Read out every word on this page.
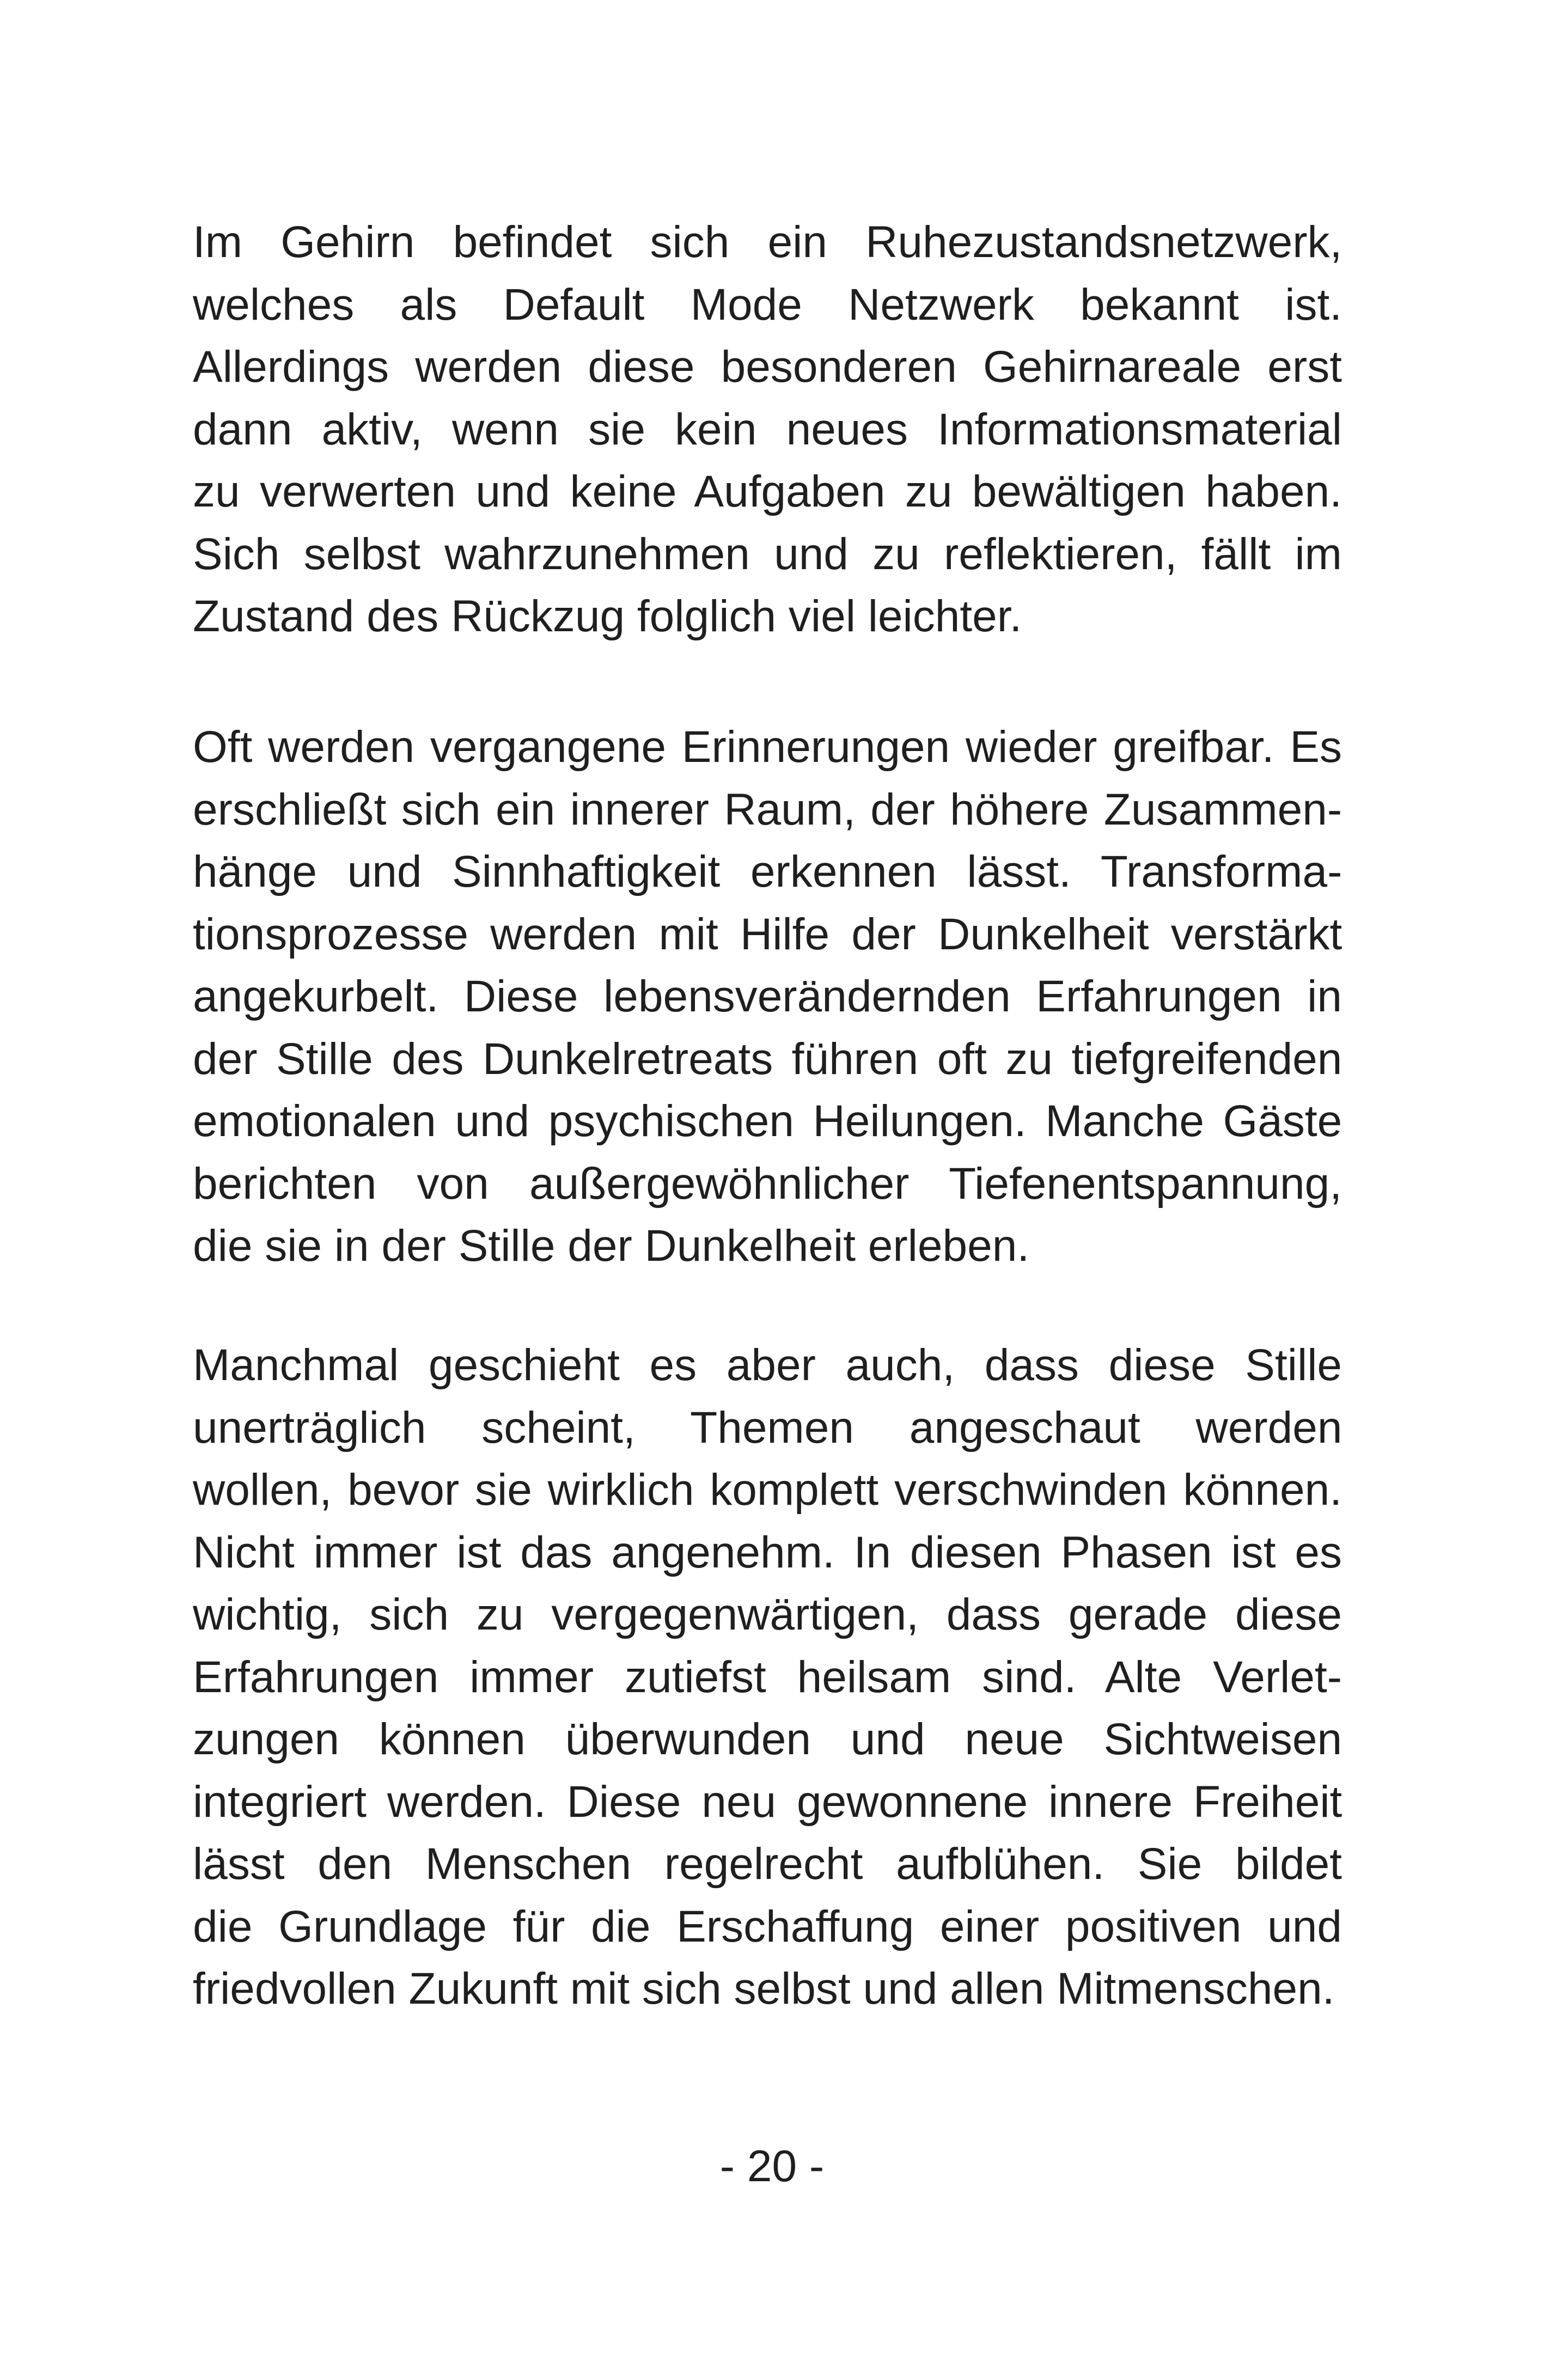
Im Gehirn befindet sich ein Ruhezustandsnetzwerk,
welches als Default Mode Netzwerk bekannt ist.
Allerdings werden diese besonderen Gehirnareale erst
dann aktiv, wenn sie kein neues Informationsmaterial
zu verwerten und keine Aufgaben zu bewältigen haben.
Sich selbst wahrzunehmen und zu reflektieren, fällt im
Zustand des Rückzug folglich viel leichter.
Oft werden vergangene Erinnerungen wieder greifbar. Es
erschließt sich ein innerer Raum, der höhere Zusammen-
hänge und Sinnhaftigkeit erkennen lässt. Transforma-
tionsprozesse werden mit Hilfe der Dunkelheit verstärkt
angekurbelt. Diese lebensverändernden Erfahrungen in
der Stille des Dunkelretreats führen oft zu tiefgreifenden
emotionalen und psychischen Heilungen. Manche Gäste
berichten von außergewöhnlicher Tiefenentspannung,
die sie in der Stille der Dunkelheit erleben.
Manchmal geschieht es aber auch, dass diese Stille
unerträglich scheint, Themen angeschaut werden
wollen, bevor sie wirklich komplett verschwinden können.
Nicht immer ist das angenehm. In diesen Phasen ist es
wichtig, sich zu vergegenwärtigen, dass gerade diese
Erfahrungen immer zutiefst heilsam sind. Alte Verlet-
zungen können überwunden und neue Sichtweisen
integriert werden. Diese neu gewonnene innere Freiheit
lässt den Menschen regelrecht aufblühen. Sie bildet
die Grundlage für die Erschaffung einer positiven und
friedvollen Zukunft mit sich selbst und allen Mitmenschen.
- 20 -
